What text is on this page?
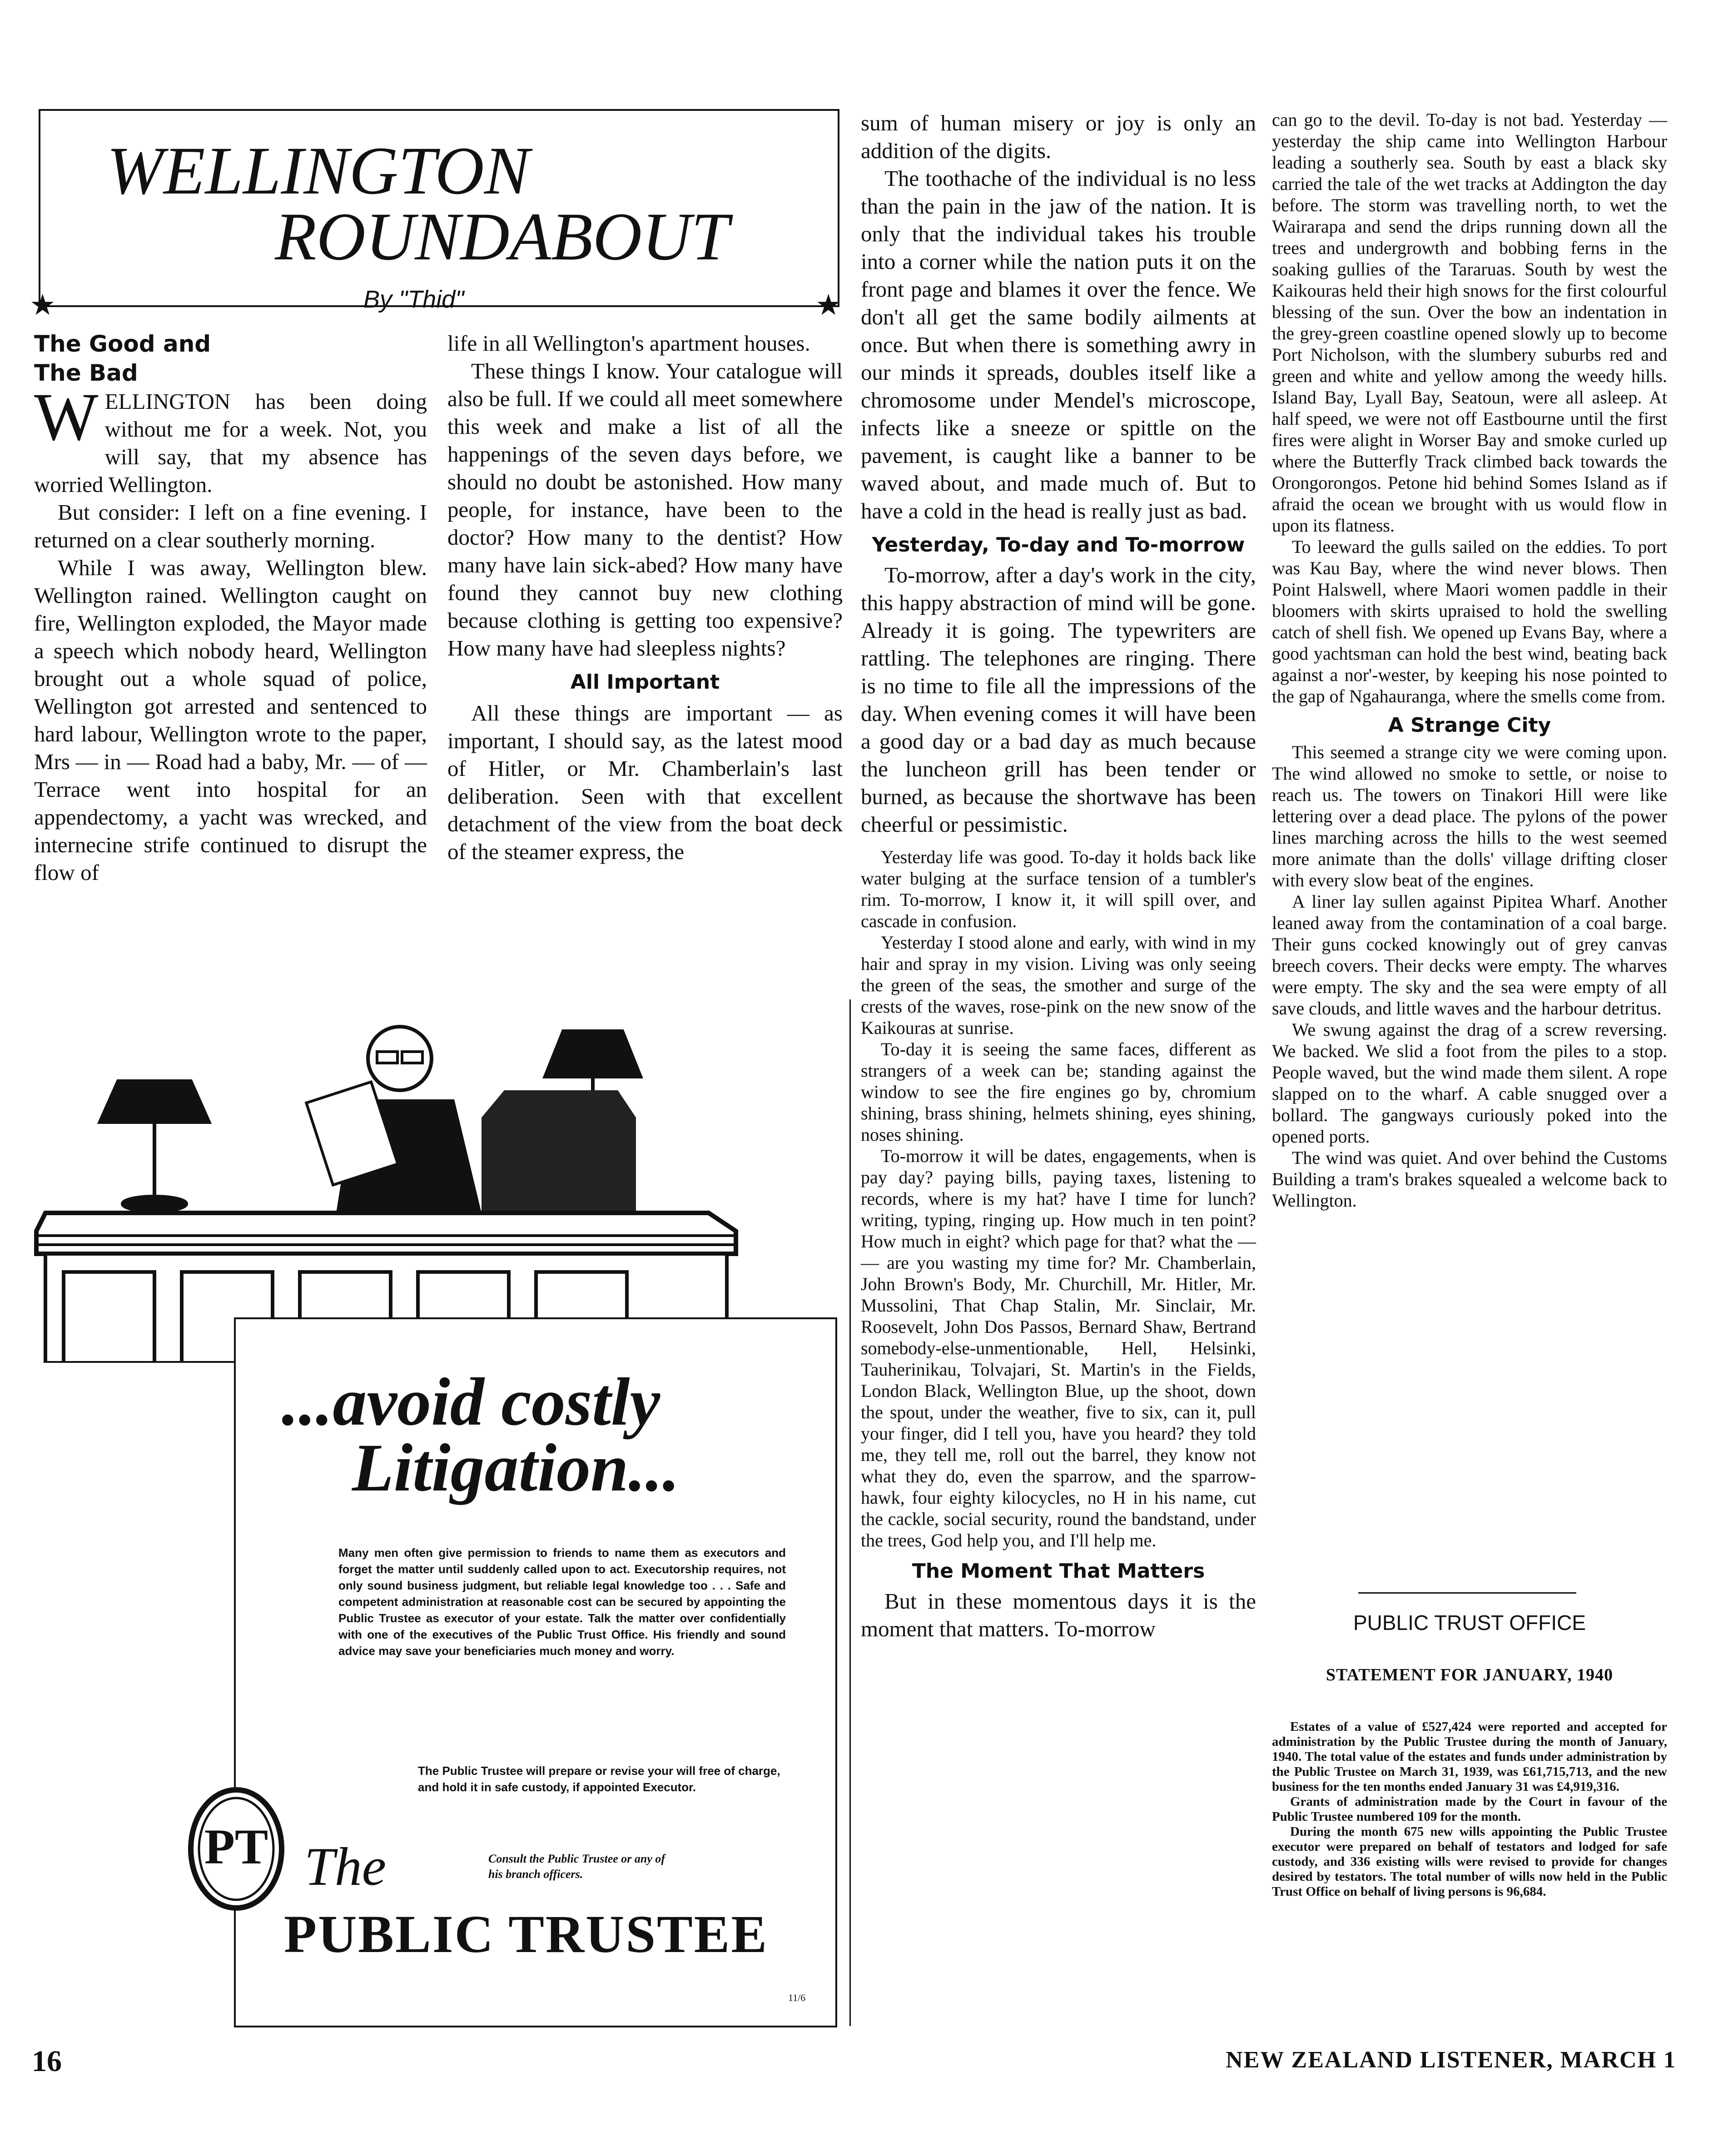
WELLINGTON
ROUNDABOUT
By "Thid"
★	★
The Good and
The Bad

WELLINGTON has been doing without me for a week. Not, you will say, that my absence has worried Wellington.

But consider: I left on a fine evening. I returned on a clear southerly morning.

While I was away, Wellington blew. Wellington rained. Wellington caught on fire, Wellington exploded, the Mayor made a speech which nobody heard, Wellington brought out a whole squad of police, Wellington got arrested and sentenced to hard labour, Wellington wrote to the paper, Mrs — in — Road had a baby, Mr. — of — Terrace went into hospital for an appendectomy, a yacht was wrecked, and internecine strife continued to disrupt the flow of

life in all Wellington's apartment houses.

These things I know. Your catalogue will also be full. If we could all meet somewhere this week and make a list of all the happenings of the seven days before, we should no doubt be astonished. How many people, for instance, have been to the doctor? How many to the dentist? How many have lain sick-abed? How many have found they cannot buy new clothing because clothing is getting too expensive? How many have had sleepless nights?

All Important

All these things are important — as important, I should say, as the latest mood of Hitler, or Mr. Chamberlain's last deliberation. Seen with that excellent detachment of the view from the boat deck of the steamer express, the

sum of human misery or joy is only an addition of the digits.

The toothache of the individual is no less than the pain in the jaw of the nation. It is only that the individual takes his trouble into a corner while the nation puts it on the front page and blames it over the fence. We don't all get the same bodily ailments at once. But when there is something awry in our minds it spreads, doubles itself like a chromosome under Mendel's microscope, infects like a sneeze or spittle on the pavement, is caught like a banner to be waved about, and made much of. But to have a cold in the head is really just as bad.

Yesterday, To-day and To-morrow

To-morrow, after a day's work in the city, this happy abstraction of mind will be gone. Already it is going. The typewriters are rattling. The telephones are ringing. There is no time to file all the impressions of the day. When evening comes it will have been a good day or a bad day as much because the luncheon grill has been tender or burned, as because the shortwave has been cheerful or pessimistic.

Yesterday life was good. To-day it holds back like water bulging at the surface tension of a tumbler's rim. To-morrow, I know it, it will spill over, and cascade in confusion.

Yesterday I stood alone and early, with wind in my hair and spray in my vision. Living was only seeing the green of the seas, the smother and surge of the crests of the waves, rose-pink on the new snow of the Kaikouras at sunrise.

To-day it is seeing the same faces, different as strangers of a week can be; standing against the window to see the fire engines go by, chromium shining, brass shining, helmets shining, eyes shining, noses shining.

To-morrow it will be dates, engagements, when is pay day? paying bills, paying taxes, listening to records, where is my hat? have I time for lunch? writing, typing, ringing up. How much in ten point? How much in eight? which page for that? what the — — are you wasting my time for? Mr. Chamberlain, John Brown's Body, Mr. Churchill, Mr. Hitler, Mr. Mussolini, That Chap Stalin, Mr. Sinclair, Mr. Roosevelt, John Dos Passos, Bernard Shaw, Bertrand somebody-else-unmentionable, Hell, Helsinki, Tauherinikau, Tolvajari, St. Martin's in the Fields, London Black, Wellington Blue, up the shoot, down the spout, under the weather, five to six, can it, pull your finger, did I tell you, have you heard? they told me, they tell me, roll out the barrel, they know not what they do, even the sparrow, and the sparrow-hawk, four eighty kilocycles, no H in his name, cut the cackle, social security, round the bandstand, under the trees, God help you, and I'll help me.

The Moment That Matters

But in these momentous days it is the moment that matters. To-morrow

can go to the devil. To-day is not bad. Yesterday — yesterday the ship came into Wellington Harbour leading a southerly sea. South by east a black sky carried the tale of the wet tracks at Addington the day before. The storm was travelling north, to wet the Wairarapa and send the drips running down all the trees and undergrowth and bobbing ferns in the soaking gullies of the Tararuas. South by west the Kaikouras held their high snows for the first colourful blessing of the sun. Over the bow an indentation in the grey-green coastline opened slowly up to become Port Nicholson, with the slumbery suburbs red and green and white and yellow among the weedy hills. Island Bay, Lyall Bay, Seatoun, were all asleep. At half speed, we were not off Eastbourne until the first fires were alight in Worser Bay and smoke curled up where the Butterfly Track climbed back towards the Orongorongos. Petone hid behind Somes Island as if afraid the ocean we brought with us would flow in upon its flatness.

To leeward the gulls sailed on the eddies. To port was Kau Bay, where the wind never blows. Then Point Halswell, where Maori women paddle in their bloomers with skirts upraised to hold the swelling catch of shell fish. We opened up Evans Bay, where a good yachtsman can hold the best wind, beating back against a nor'-wester, by keeping his nose pointed to the gap of Ngahauranga, where the smells come from.

A Strange City

This seemed a strange city we were coming upon. The wind allowed no smoke to settle, or noise to reach us. The towers on Tinakori Hill were like lettering over a dead place. The pylons of the power lines marching across the hills to the west seemed more animate than the dolls' village drifting closer with every slow beat of the engines.

A liner lay sullen against Pipitea Wharf. Another leaned away from the contamination of a coal barge. Their guns cocked knowingly out of grey canvas breech covers. Their decks were empty. The wharves were empty. The sky and the sea were empty of all save clouds, and little waves and the harbour detritus.

We swung against the drag of a screw reversing. We backed. We slid a foot from the piles to a stop. People waved, but the wind made them silent. A rope slapped on to the wharf. A cable snugged over a bollard. The gangways curiously poked into the opened ports.

The wind was quiet. And over behind the Customs Building a tram's brakes squealed a welcome back to Wellington.

PUBLIC TRUST OFFICE
STATEMENT FOR JANUARY, 1940
Estates of a value of £527,424 were reported and accepted for administration by the Public Trustee during the month of January, 1940. The total value of the estates and funds under administration by the Public Trustee on March 31, 1939, was £61,715,713, and the new business for the ten months ended January 31 was £4,919,316.
Grants of administration made by the Court in favour of the Public Trustee numbered 109 for the month.
During the month 675 new wills appointing the Public Trustee executor were prepared on behalf of testators and lodged for safe custody, and 336 existing wills were revised to provide for changes desired by testators. The total number of wills now held in the Public Trust Office on behalf of living persons is 96,684.
...avoid costly
Litigation...
Many men often give permission to friends to name them as executors and forget the matter until suddenly called upon to act. Executorship requires, not only sound business judgment, but reliable legal knowledge too . . . Safe and competent administration at reasonable cost can be secured by appointing the Public Trustee as executor of your estate. Talk the matter over confidentially with one of the executives of the Public Trust Office. His friendly and sound advice may save your beneficiaries much money and worry.
The Public Trustee will prepare or revise your will free of charge, and hold it in safe custody, if appointed Executor.
Consult the Public Trustee or any of his branch officers.
The
PUBLIC TRUSTEE
11/6
PT
16	NEW ZEALAND LISTENER, MARCH 1
